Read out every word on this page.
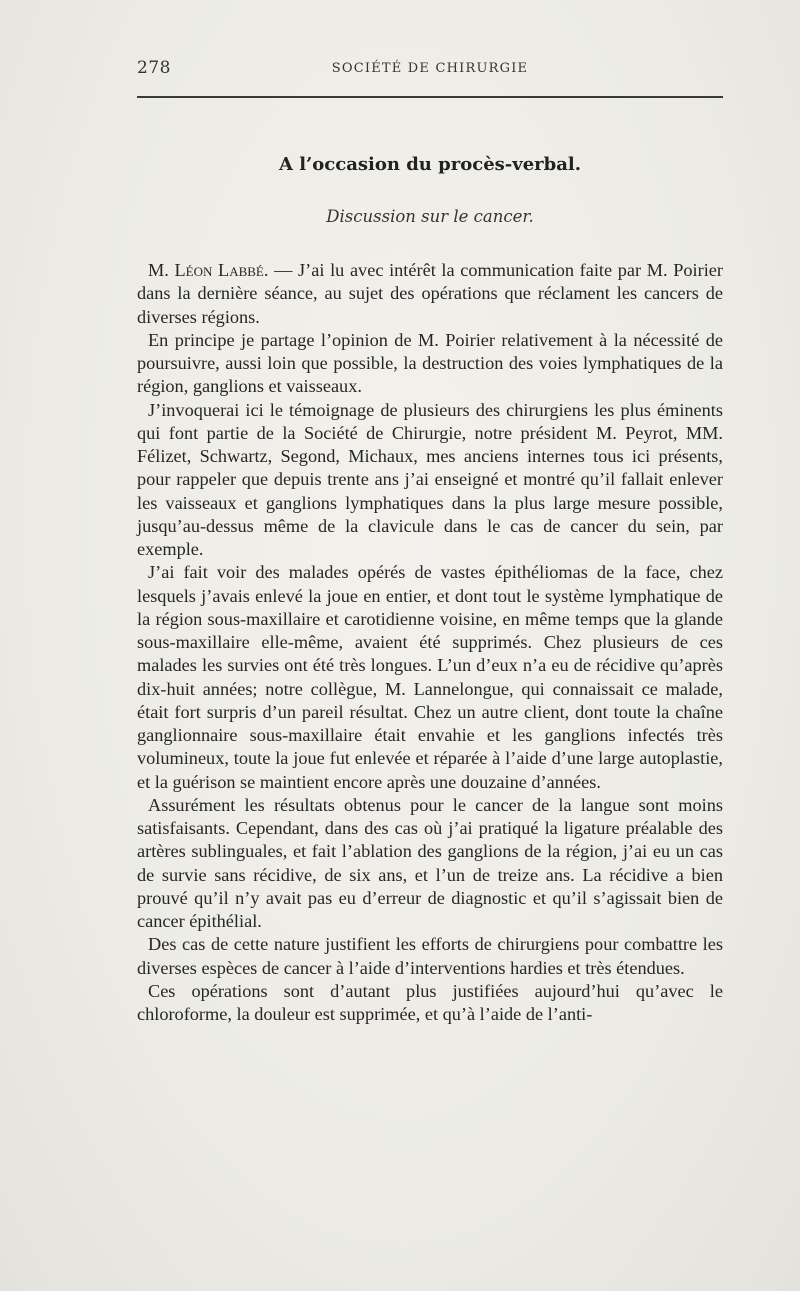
278	SOCIÉTÉ DE CHIRURGIE
A l’occasion du procès-verbal.
Discussion sur le cancer.

M. Léon Labbé. — J’ai lu avec intérêt la communication faite par M. Poirier dans la dernière séance, au sujet des opérations que réclament les cancers de diverses régions.

En principe je partage l’opinion de M. Poirier relativement à la nécessité de poursuivre, aussi loin que possible, la destruction des voies lymphatiques de la région, ganglions et vaisseaux.

J’invoquerai ici le témoignage de plusieurs des chirurgiens les plus éminents qui font partie de la Société de Chirurgie, notre président M. Peyrot, MM. Félizet, Schwartz, Segond, Michaux, mes anciens internes tous ici présents, pour rappeler que depuis trente ans j’ai enseigné et montré qu’il fallait enlever les vaisseaux et ganglions lymphatiques dans la plus large mesure possible, jusqu’au-dessus même de la clavicule dans le cas de cancer du sein, par exemple.

J’ai fait voir des malades opérés de vastes épithéliomas de la face, chez lesquels j’avais enlevé la joue en entier, et dont tout le système lymphatique de la région sous-maxillaire et carotidienne voisine, en même temps que la glande sous-maxillaire elle-même, avaient été supprimés. Chez plusieurs de ces malades les survies ont été très longues. L’un d’eux n’a eu de récidive qu’après dix-huit années; notre collègue, M. Lannelongue, qui connaissait ce malade, était fort surpris d’un pareil résultat. Chez un autre client, dont toute la chaîne ganglionnaire sous-maxillaire était envahie et les ganglions infectés très volumineux, toute la joue fut enlevée et réparée à l’aide d’une large autoplastie, et la guérison se maintient encore après une douzaine d’années.

Assurément les résultats obtenus pour le cancer de la langue sont moins satisfaisants. Cependant, dans des cas où j’ai pratiqué la ligature préalable des artères sublinguales, et fait l’ablation des ganglions de la région, j’ai eu un cas de survie sans récidive, de six ans, et l’un de treize ans. La récidive a bien prouvé qu’il n’y avait pas eu d’erreur de diagnostic et qu’il s’agissait bien de cancer épithélial.

Des cas de cette nature justifient les efforts de chirurgiens pour combattre les diverses espèces de cancer à l’aide d’interventions hardies et très étendues.

Ces opérations sont d’autant plus justifiées aujourd’hui qu’avec le chloroforme, la douleur est supprimée, et qu’à l’aide de l’anti-
